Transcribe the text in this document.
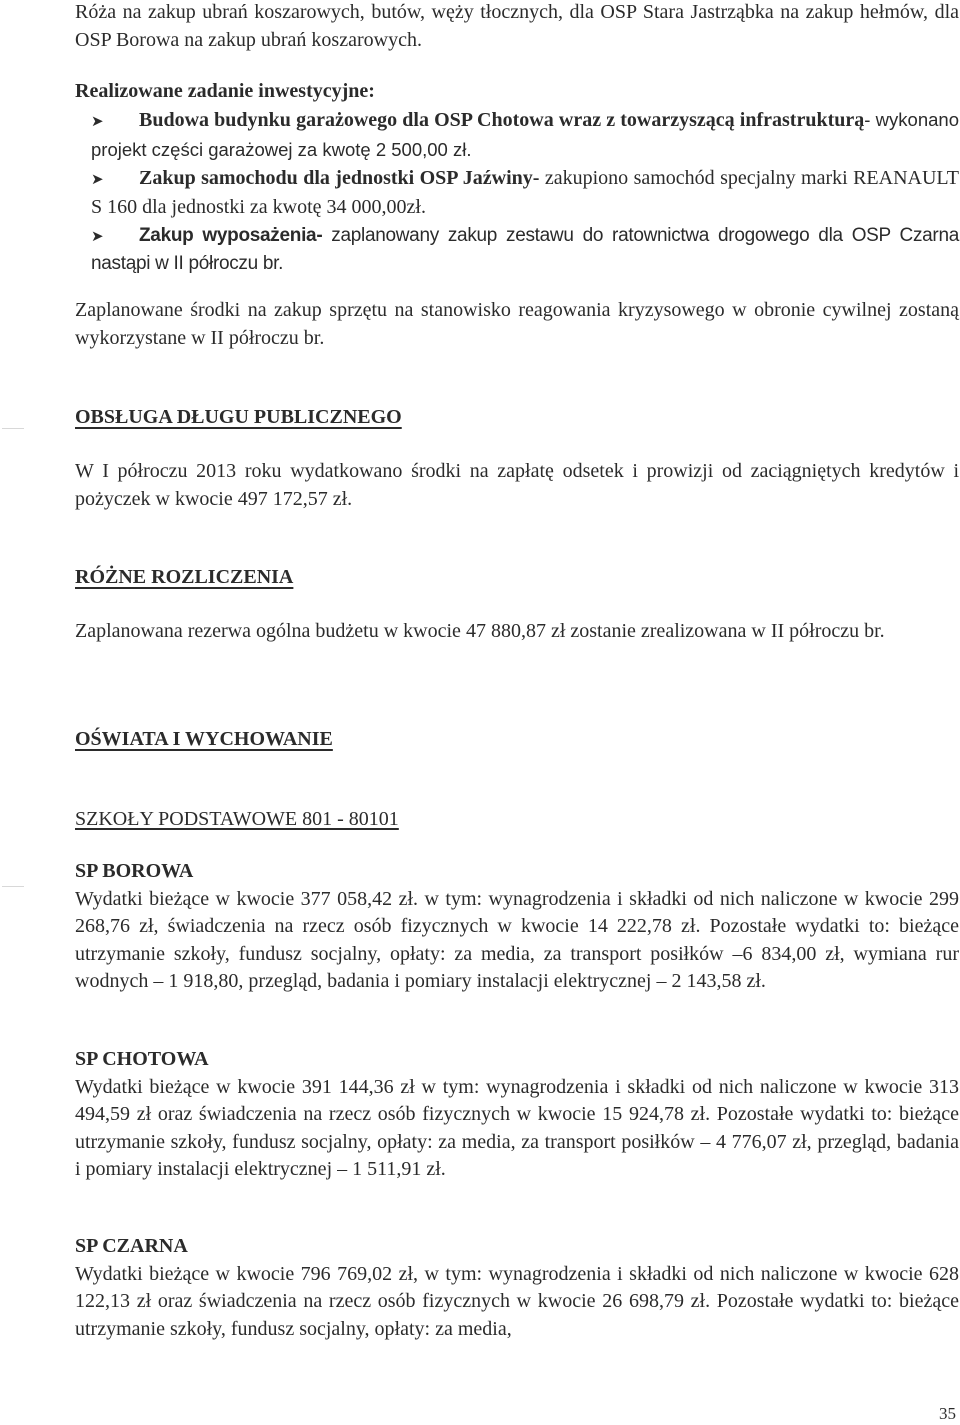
Róża na zakup ubrań koszarowych, butów, węży tłocznych, dla OSP Stara Jastrząbka na zakup hełmów, dla OSP Borowa na zakup ubrań koszarowych.
Realizowane zadanie inwestycyjne:
➤ Budowa budynku garażowego dla OSP Chotowa wraz z towarzyszącą infrastrukturą- wykonano projekt części garażowej za kwotę 2 500,00 zł.
➤ Zakup samochodu dla jednostki OSP Jaźwiny- zakupiono samochód specjalny marki REANAULT S 160 dla jednostki za kwotę 34 000,00zł.
➤ Zakup wyposażenia- zaplanowany zakup zestawu do ratownictwa drogowego dla OSP Czarna nastąpi w II półroczu br.
Zaplanowane środki na zakup sprzętu na stanowisko reagowania kryzysowego w obronie cywilnej zostaną wykorzystane w II półroczu br.
OBSŁUGA DŁUGU PUBLICZNEGO
W I półroczu 2013 roku wydatkowano środki na zapłatę odsetek i prowizji od zaciągniętych kredytów i pożyczek w kwocie 497 172,57 zł.
RÓŻNE ROZLICZENIA
Zaplanowana rezerwa ogólna budżetu w kwocie 47 880,87 zł zostanie zrealizowana w II półroczu br.
OŚWIATA I WYCHOWANIE
SZKOŁY PODSTAWOWE 801 - 80101
SP BOROWA
Wydatki bieżące w kwocie 377 058,42 zł. w tym: wynagrodzenia i składki od nich naliczone w kwocie 299 268,76 zł, świadczenia na rzecz osób fizycznych w kwocie 14 222,78 zł. Pozostałe wydatki to: bieżące utrzymanie szkoły, fundusz socjalny, opłaty: za media, za transport posiłków –6 834,00 zł, wymiana rur wodnych – 1 918,80, przegląd, badania i pomiary instalacji elektrycznej – 2 143,58 zł.
SP CHOTOWA
Wydatki bieżące w kwocie 391 144,36 zł w tym: wynagrodzenia i składki od nich naliczone w kwocie 313 494,59 zł oraz świadczenia na rzecz osób fizycznych w kwocie 15 924,78 zł. Pozostałe wydatki to: bieżące utrzymanie szkoły, fundusz socjalny, opłaty: za media, za transport posiłków – 4 776,07 zł, przegląd, badania i pomiary instalacji elektrycznej – 1 511,91 zł.
SP CZARNA
Wydatki bieżące w kwocie 796 769,02 zł, w tym: wynagrodzenia i składki od nich naliczone w kwocie 628 122,13 zł oraz świadczenia na rzecz osób fizycznych w kwocie 26 698,79 zł. Pozostałe wydatki to: bieżące utrzymanie szkoły, fundusz socjalny, opłaty: za media,
35
